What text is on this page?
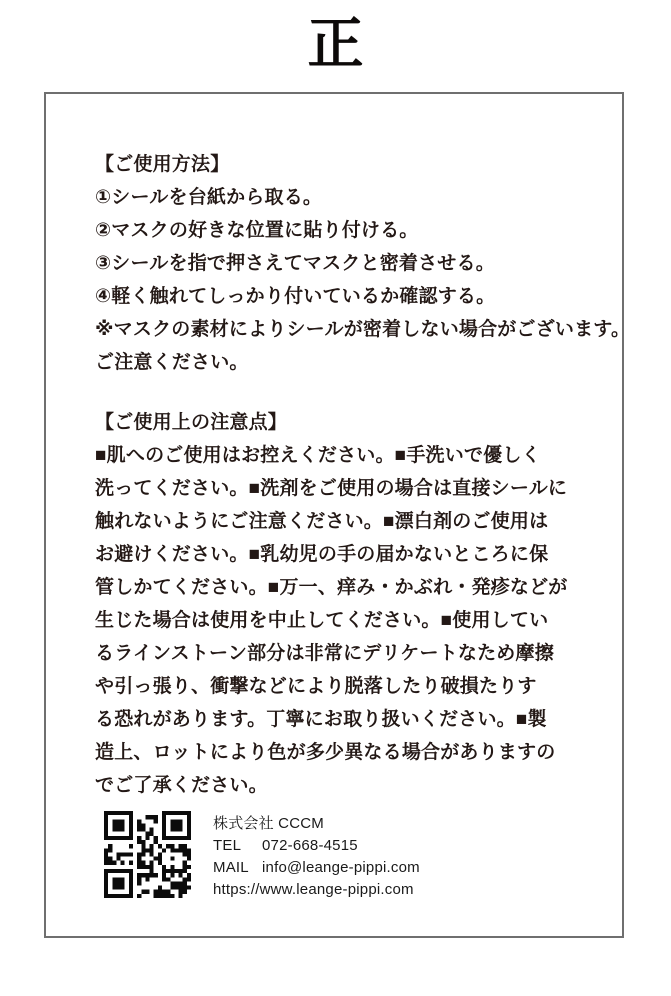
正
【ご使用方法】
①シールを台紙から取る。
②マスクの好きな位置に貼り付ける。
③シールを指で押さえてマスクと密着させる。
④軽く触れてしっかり付いているか確認する。
※マスクの素材によりシールが密着しない場合がございます。
ご注意ください。
【ご使用上の注意点】
■肌へのご使用はお控えください。■手洗いで優しく
洗ってください。■洗剤をご使用の場合は直接シールに
触れないようにご注意ください。■漂白剤のご使用は
お避けください。■乳幼児の手の届かないところに保
管しかてください。■万一、痒み・かぶれ・発疹などが
生じた場合は使用を中止してください。■使用してい
るラインストーン部分は非常にデリケートなため摩擦
や引っ張り、衝撃などにより脱落したり破損たりす
る恐れがあります。丁寧にお取り扱いください。■製
造上、ロットにより色が多少異なる場合がありますの
でご了承ください。
株式会社 CCCM
TEL 072-668-4515
MAIL info@leange-pippi.com
https://www.leange-pippi.com
